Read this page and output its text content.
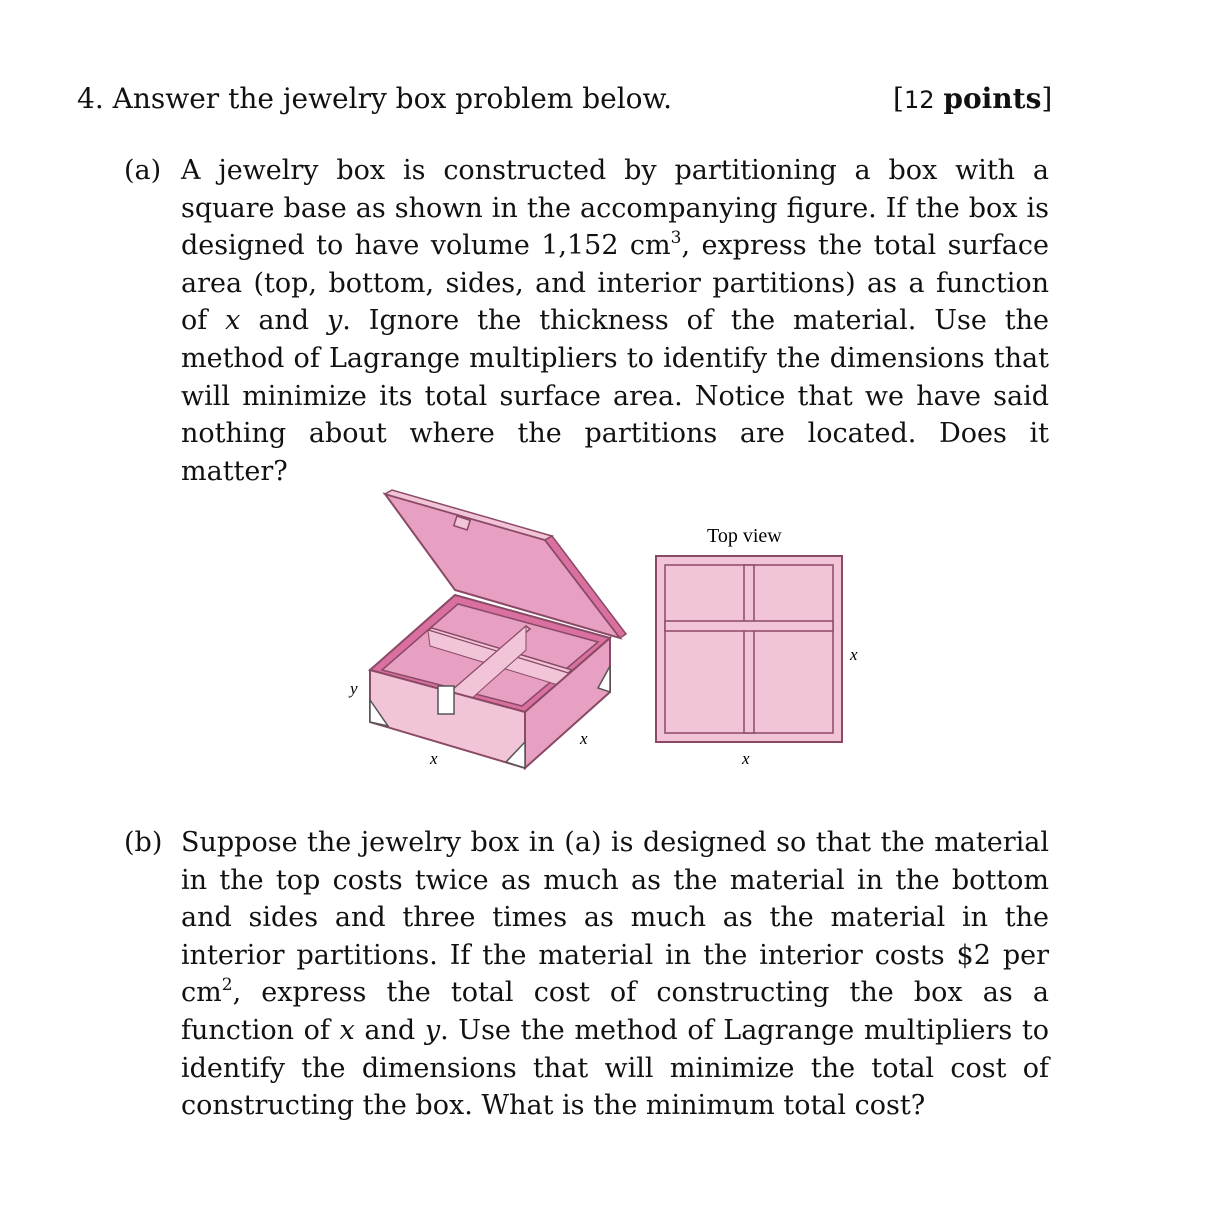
4. Answer the jewelry box problem below.	[12 points]
(a) A jewelry box is constructed by partitioning a box with a square base as shown in the accompanying figure. If the box is designed to have volume 1,152 $cm^3$, express the total surface area (top, bottom, sides, and interior partitions) as a function of x and y. Ignore the thickness of the material. Use the method of Lagrange multipliers to identify the dimensions that will minimize its total surface area. Notice that we have said nothing about where the partitions are located. Does it matter?
y
x
x
Top view
x
x
(b) Suppose the jewelry box in (a) is designed so that the material in the top costs twice as much as the material in the bottom and sides and three times as much as the material in the interior partitions. If the material in the interior costs $2 per $cm^2$, express the total cost of constructing the box as a function of x and y. Use the method of Lagrange multipliers to identify the dimensions that will minimize the total cost of constructing the box. What is the minimum total cost?
